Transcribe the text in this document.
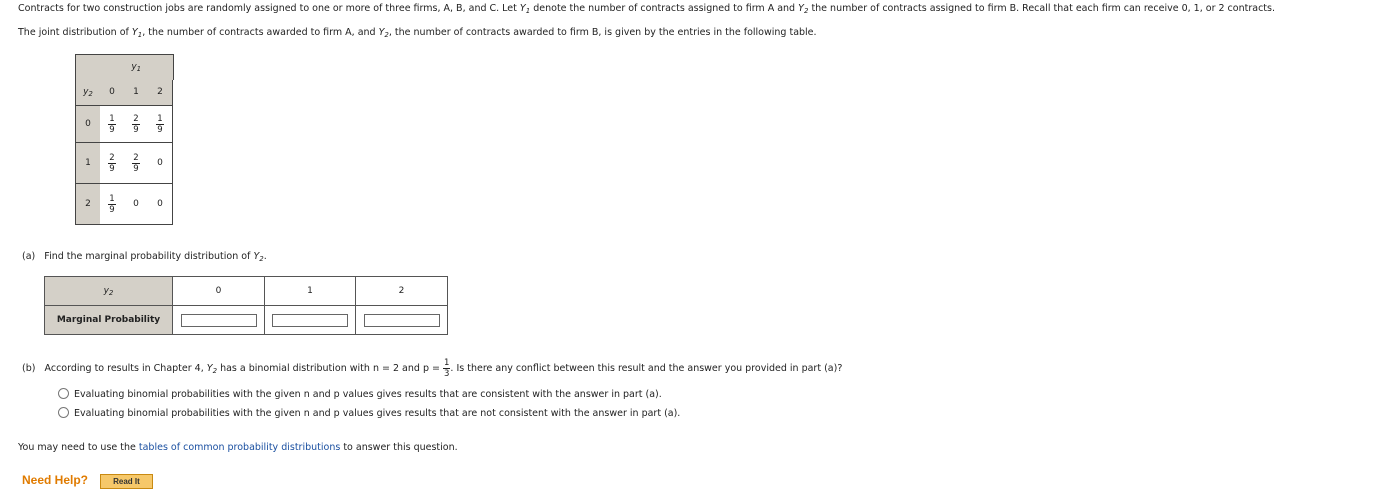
Contracts for two construction jobs are randomly assigned to one or more of three firms, A, B, and C. Let $Y_1$ denote the number of contracts assigned to firm A and $Y_2$ the number of contracts assigned to firm B. Recall that each firm can receive 0, 1, or 2 contracts.
The joint distribution of $Y_1$, the number of contracts awarded to firm A, and $Y_2$, the number of contracts awarded to firm B, is given by the entries in the following table.
	$y_1$	
$y_2$	0	1	2	
0	$\frac{1}{9}$	$\frac{2}{9}$	$\frac{1}{9}$

1	$\frac{2}{9}$	$\frac{2}{9}$	0	
2	$\frac{1}{9}$	0	0	
(a) Find the marginal probability distribution of $Y_2$.
$y_2$	0	1	2
Marginal Probability			
(b) According to results in Chapter 4, $Y_2$ has a binomial distribution with n = 2 and $p = \frac{1}{3}$ . Is there any conflict between this result and the answer you provided in part (a)?
Evaluating binomial probabilities with the given n and p values gives results that are consistent with the answer in part (a).
Evaluating binomial probabilities with the given n and p values gives results that are not consistent with the answer in part (a).
You may need to use the tables of common probability distributions to answer this question.
Need Help?	Read It
